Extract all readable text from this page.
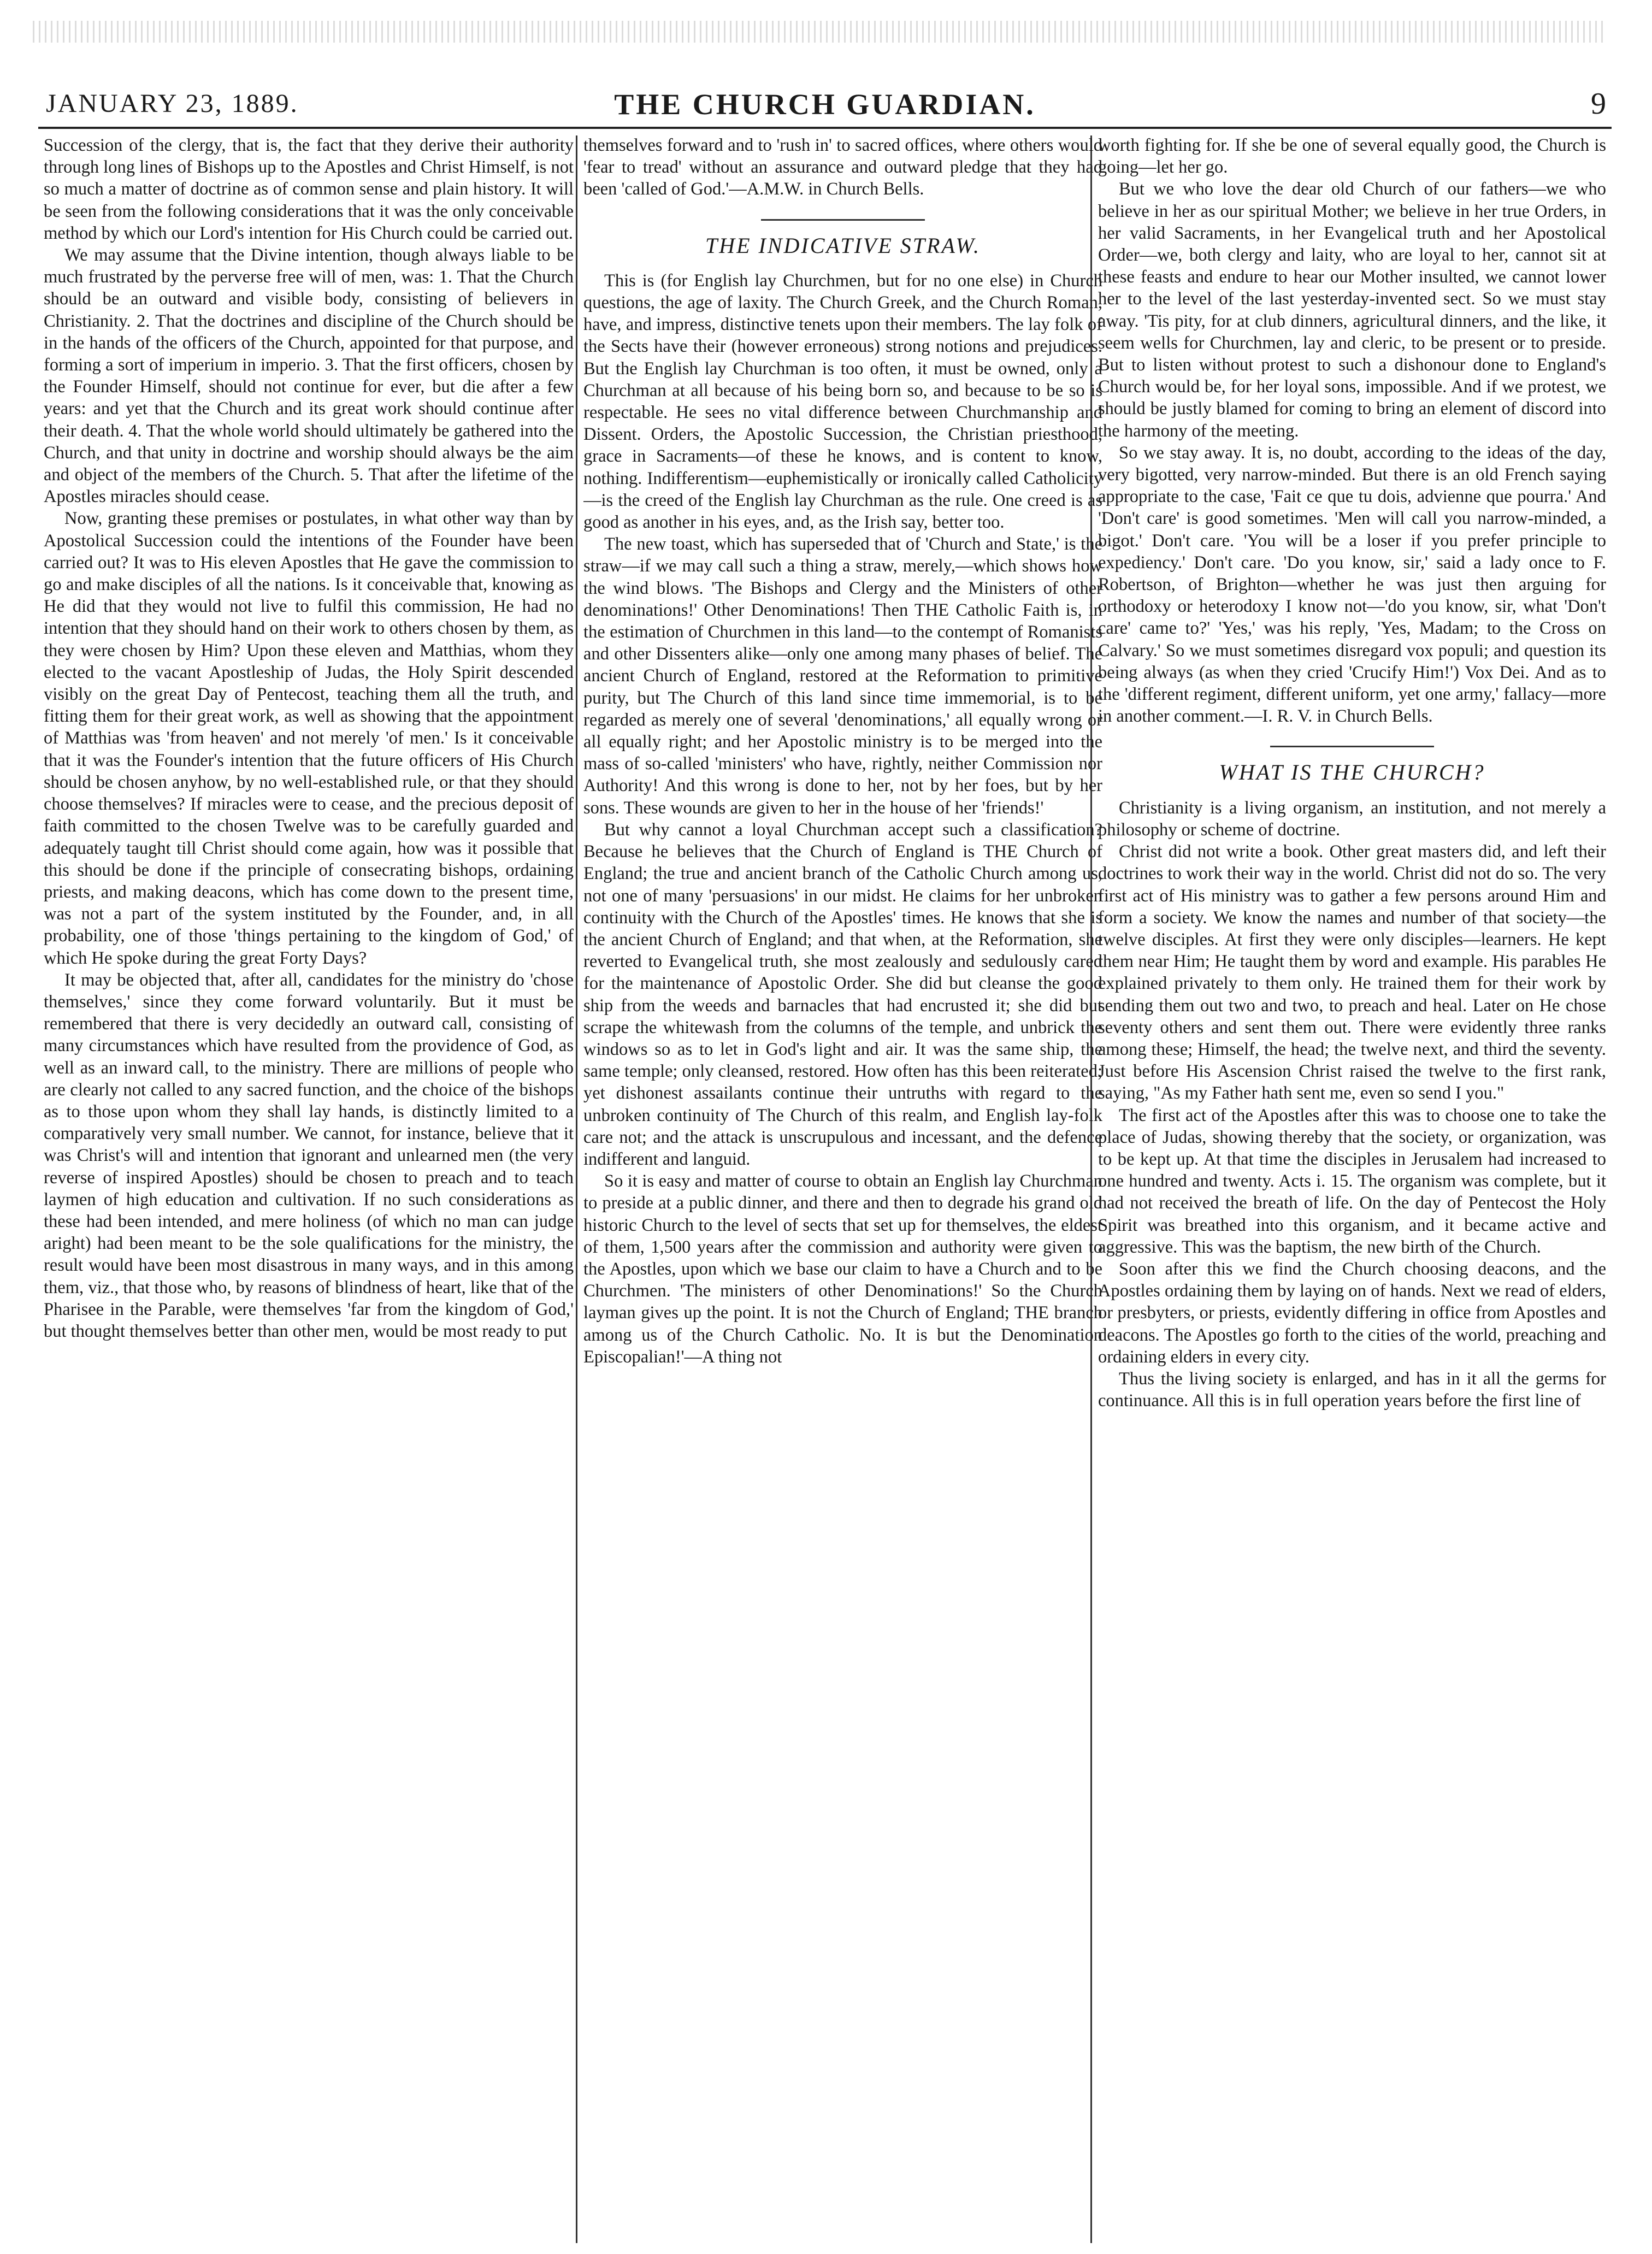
JANUARY 23, 1889.	THE CHURCH GUARDIAN.	9

Succession of the clergy, that is, the fact that they derive their authority through long lines of Bishops up to the Apostles and Christ Himself, is not so much a matter of doctrine as of common sense and plain history. It will be seen from the following considerations that it was the only conceivable method by which our Lord's intention for His Church could be carried out.

We may assume that the Divine intention, though always liable to be much frustrated by the perverse free will of men, was: 1. That the Church should be an outward and visible body, consisting of believers in Christianity. 2. That the doctrines and discipline of the Church should be in the hands of the officers of the Church, appointed for that purpose, and forming a sort of imperium in imperio. 3. That the first officers, chosen by the Founder Himself, should not continue for ever, but die after a few years: and yet that the Church and its great work should continue after their death. 4. That the whole world should ultimately be gathered into the Church, and that unity in doctrine and worship should always be the aim and object of the members of the Church. 5. That after the lifetime of the Apostles miracles should cease.

Now, granting these premises or postulates, in what other way than by Apostolical Succession could the intentions of the Founder have been carried out? It was to His eleven Apostles that He gave the commission to go and make disciples of all the nations. Is it conceivable that, knowing as He did that they would not live to fulfil this commission, He had no intention that they should hand on their work to others chosen by them, as they were chosen by Him? Upon these eleven and Matthias, whom they elected to the vacant Apostleship of Judas, the Holy Spirit descended visibly on the great Day of Pentecost, teaching them all the truth, and fitting them for their great work, as well as showing that the appointment of Matthias was 'from heaven' and not merely 'of men.' Is it conceivable that it was the Founder's intention that the future officers of His Church should be chosen anyhow, by no well-established rule, or that they should choose themselves? If miracles were to cease, and the precious deposit of faith committed to the chosen Twelve was to be carefully guarded and adequately taught till Christ should come again, how was it possible that this should be done if the principle of consecrating bishops, ordaining priests, and making deacons, which has come down to the present time, was not a part of the system instituted by the Founder, and, in all probability, one of those 'things pertaining to the kingdom of God,' of which He spoke during the great Forty Days?

It may be objected that, after all, candidates for the ministry do 'chose themselves,' since they come forward voluntarily. But it must be remembered that there is very decidedly an outward call, consisting of many circumstances which have resulted from the providence of God, as well as an inward call, to the ministry. There are millions of people who are clearly not called to any sacred function, and the choice of the bishops as to those upon whom they shall lay hands, is distinctly limited to a comparatively very small number. We cannot, for instance, believe that it was Christ's will and intention that ignorant and unlearned men (the very reverse of inspired Apostles) should be chosen to preach and to teach laymen of high education and cultivation. If no such considerations as these had been intended, and mere holiness (of which no man can judge aright) had been meant to be the sole qualifications for the ministry, the result would have been most disastrous in many ways, and in this among them, viz., that those who, by reasons of blindness of heart, like that of the Pharisee in the Parable, were themselves 'far from the kingdom of God,' but thought themselves better than other men, would be most ready to put

themselves forward and to 'rush in' to sacred offices, where others would 'fear to tread' without an assurance and outward pledge that they had been 'called of God.'—A.M.W. in Church Bells.

THE INDICATIVE STRAW.

This is (for English lay Churchmen, but for no one else) in Church questions, the age of laxity. The Church Greek, and the Church Roman, have, and impress, distinctive tenets upon their members. The lay folk of the Sects have their (however erroneous) strong notions and prejudices. But the English lay Churchman is too often, it must be owned, only a Churchman at all because of his being born so, and because to be so is respectable. He sees no vital difference between Churchmanship and Dissent. Orders, the Apostolic Succession, the Christian priesthood, grace in Sacraments—of these he knows, and is content to know, nothing. Indifferentism—euphemistically or ironically called Catholicity—is the creed of the English lay Churchman as the rule. One creed is as good as another in his eyes, and, as the Irish say, better too.

The new toast, which has superseded that of 'Church and State,' is the straw—if we may call such a thing a straw, merely,—which shows how the wind blows. 'The Bishops and Clergy and the Ministers of other denominations!' Other Denominations! Then THE Catholic Faith is, in the estimation of Churchmen in this land—to the contempt of Romanists and other Dissenters alike—only one among many phases of belief. The ancient Church of England, restored at the Reformation to primitive purity, but The Church of this land since time immemorial, is to be regarded as merely one of several 'denominations,' all equally wrong or all equally right; and her Apostolic ministry is to be merged into the mass of so-called 'ministers' who have, rightly, neither Commission nor Authority! And this wrong is done to her, not by her foes, but by her sons. These wounds are given to her in the house of her 'friends!'

But why cannot a loyal Churchman accept such a classification? Because he believes that the Church of England is THE Church of England; the true and ancient branch of the Catholic Church among us, not one of many 'persuasions' in our midst. He claims for her unbroken continuity with the Church of the Apostles' times. He knows that she is the ancient Church of England; and that when, at the Reformation, she reverted to Evangelical truth, she most zealously and sedulously cared for the maintenance of Apostolic Order. She did but cleanse the good ship from the weeds and barnacles that had encrusted it; she did but scrape the whitewash from the columns of the temple, and unbrick the windows so as to let in God's light and air. It was the same ship, the same temple; only cleansed, restored. How often has this been reiterated; yet dishonest assailants continue their untruths with regard to the unbroken continuity of The Church of this realm, and English lay-folk care not; and the attack is unscrupulous and incessant, and the defence indifferent and languid.

So it is easy and matter of course to obtain an English lay Churchman to preside at a public dinner, and there and then to degrade his grand old historic Church to the level of sects that set up for themselves, the eldest of them, 1,500 years after the commission and authority were given to the Apostles, upon which we base our claim to have a Church and to be Churchmen. 'The ministers of other Denominations!' So the Church layman gives up the point. It is not the Church of England; THE branch among us of the Church Catholic. No. It is but the Denomination Episcopalian!'—A thing not

worth fighting for. If she be one of several equally good, the Church is going—let her go.

But we who love the dear old Church of our fathers—we who believe in her as our spiritual Mother; we believe in her true Orders, in her valid Sacraments, in her Evangelical truth and her Apostolical Order—we, both clergy and laity, who are loyal to her, cannot sit at these feasts and endure to hear our Mother insulted, we cannot lower her to the level of the last yesterday-invented sect. So we must stay away. 'Tis pity, for at club dinners, agricultural dinners, and the like, it seem wells for Churchmen, lay and cleric, to be present or to preside. But to listen without protest to such a dishonour done to England's Church would be, for her loyal sons, impossible. And if we protest, we should be justly blamed for coming to bring an element of discord into the harmony of the meeting.

So we stay away. It is, no doubt, according to the ideas of the day, very bigotted, very narrow-minded. But there is an old French saying appropriate to the case, 'Fait ce que tu dois, advienne que pourra.' And 'Don't care' is good sometimes. 'Men will call you narrow-minded, a bigot.' Don't care. 'You will be a loser if you prefer principle to expediency.' Don't care. 'Do you know, sir,' said a lady once to F. Robertson, of Brighton—whether he was just then arguing for orthodoxy or heterodoxy I know not—'do you know, sir, what 'Don't care' came to?' 'Yes,' was his reply, 'Yes, Madam; to the Cross on Calvary.' So we must sometimes disregard vox populi; and question its being always (as when they cried 'Crucify Him!') Vox Dei. And as to the 'different regiment, different uniform, yet one army,' fallacy—more in another comment.—I. R. V. in Church Bells.

WHAT IS THE CHURCH?

Christianity is a living organism, an institution, and not merely a philosophy or scheme of doctrine.

Christ did not write a book. Other great masters did, and left their doctrines to work their way in the world. Christ did not do so. The very first act of His ministry was to gather a few persons around Him and form a society. We know the names and number of that society—the twelve disciples. At first they were only disciples—learners. He kept them near Him; He taught them by word and example. His parables He explained privately to them only. He trained them for their work by sending them out two and two, to preach and heal. Later on He chose seventy others and sent them out. There were evidently three ranks among these; Himself, the head; the twelve next, and third the seventy. Just before His Ascension Christ raised the twelve to the first rank, saying, "As my Father hath sent me, even so send I you."

The first act of the Apostles after this was to choose one to take the place of Judas, showing thereby that the society, or organization, was to be kept up. At that time the disciples in Jerusalem had increased to one hundred and twenty. Acts i. 15. The organism was complete, but it had not received the breath of life. On the day of Pentecost the Holy Spirit was breathed into this organism, and it became active and aggressive. This was the baptism, the new birth of the Church.

Soon after this we find the Church choosing deacons, and the Apostles ordaining them by laying on of hands. Next we read of elders, or presbyters, or priests, evidently differing in office from Apostles and deacons. The Apostles go forth to the cities of the world, preaching and ordaining elders in every city.

Thus the living society is enlarged, and has in it all the germs for continuance. All this is in full operation years before the first line of
